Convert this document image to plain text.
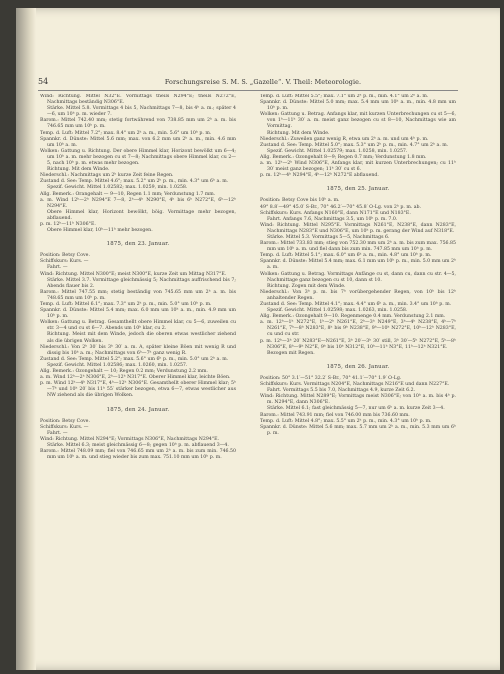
54	Forschungsreise S. M. S. „Gazelle“. V. Theil: Meteorologie.

Wind: Richtung. Mittel N32°E. Vormittags theils N294°E; theils N272°E, Nachmittags beständig N306°E.

Stärke. Mittel 5.8. Vormittags 4 bis 5, Nachmittags 7—8, bis 4ʰ a. m.; später 4—6, um 10ʰ p. m. wieder 7.

Barom.: Mittel 742.40 mm; stetig fortwährend von 738.85 mm um 2ʰ a. m. bis 746.65 mm um 10ʰ p. m.

Temp. d. Luft: Mittel 7.2°; max. 8.4° um 2ʰ a. m., min. 5.6° um 10ʰ p. m.

Spannkr. d. Dünste: Mittel 5.6 mm; max. von 6.2 mm um 2ʰ a. m., min. 4.6 mm um 10ʰ a. m.

Wolken: Gattung u. Richtung. Der obere Himmel klar, Horizont bewölkt um 6—4; um 10ʰ a. m. mehr bezogen cu st 7—8; Nachmittags obere Himmel klar, cu 2—5, nach 10ʰ p. m. etwas mehr bezogen.

Richtung. Mit dem Winde.

Niederschl.: Nachmittags um 2ʰ kurze Zeit feine Regen.

Zustand d. See: Temp. Mittel 4.6°; max. 5.2° um 2ʰ p. m., min. 4.3° um 6ʰ a. m.

Spezif. Gewicht. Mittel 1.02582; max. 1.0259, min. 1.0258.

Allg. Bemerk.: Orangehalt — 9—10, Regen 1.1 mm; Verdunstung 1.7 mm.

a. m. Wind 12ʰ—2ʰ N294°E 7—8, 2ʰ—4ʰ N290°E, 4ʰ bis 6ʰ N272°E, 6ʰ—12ʰ N294°E.

Obere Himmel klar, Horizont bewölkt, böig. Vormittage mehr bezogen, abflauend.

p. m. 12ʰ—11ʰ N306°E.

Obere Himmel klar, 10ʰ—11ʰ mehr bezogen.

1875, den 23. Januar.

Position: Betsy Cove.

Schiffskurs: Kurs. —

Fahrt. —

Wind: Richtung. Mittel N300°E; meist N300°E, kurze Zeit um Mittag N317°E.

Stärke. Mittel 3.7. Vormittage gleichmässig 5; Nachmittags auffrischend bis 7; Abends flauer bis 2.

Barom.: Mittel 747.55 mm; stetig beständig von 745.65 mm um 2ʰ a. m. bis 748.65 mm um 10ʰ p. m.

Temp. d. Luft: Mittel 6.1°; max. 7.3° um 2ʰ p. m., min. 5.0° um 10ʰ p. m.

Spannkr. d. Dünste: Mittel 5.4 mm; max. 6.0 mm um 10ʰ a. m., min. 4.9 mm um 10ʰ p. m.

Wolken: Gattung u. Betrag. Gesamthellt obere Himmel klar, cu 5—6, zuweilen cu str. 3—4 und cu st 6—7. Abends um 10ʰ klar, cu 2.

Richtung. Meist mit dem Winde, jedoch die oberen etwas westlicher ziehend als die übrigen Wolken.

Niederschl.: Von 2ʰ 30′ bis 3ʰ 30′ a. m. A, später kleine Böen mit wenig R und dissig bis 10ʰ a. m.; Nachmittags von 6ʰ—7ʰ ganz wenig R.

Zustand d. See: Temp. Mittel 5.2°; max. 5.6° um 6ʰ p. m., min. 5.0° um 2ʰ a. m.

Spezif. Gewicht. Mittel 1.02586; max. 1.0260, min. 1.0257.

Allg. Bemerk.: Ozongehalt — 10; Regen 0.2 mm; Verdunstung 2.2 mm.

a. m. Wind 12ʰ—2ʰ N306°E, 2ʰ—12ʰ N317°E. Oberer Himmel klar, leichte Böen.

p. m. Wind 12ʰ—4ʰ N317°E, 4ʰ—12ʰ N306°E. Gesamthellt oberer Himmel klar; 5ʰ—7ʰ und 10ʰ 20′ bis 11ʰ 55′ stärker bezogen, etwa 6—7, etwas westlicher aus NW ziehend als die übrigen Wolken.

1875, den 24. Januar.

Position: Betsy Cove.

Schiffskurs: Kurs. —

Fahrt. —

Wind: Richtung. Mittel N294°E; Vormittags N306°E, Nachmittags N294°E.

Stärke. Mittel 6.3; meist gleichmässig 6—8; gegen 10ʰ p. m. abflauend 3—4.

Barom.: Mittel 748.09 mm; fiel von 746.65 mm um 2ʰ a. m. bis zum min. 746.50 mm um 10ʰ a. m. und stieg wieder bis zum max. 751.10 mm um 10ʰ p. m.

Temp. d. Luft: Mittel 5.5°; max. 7.1° um 2ʰ p. m., min. 4.1° um 2ʰ a. m.

Spannkr. d. Dünste: Mittel 5.0 mm; max. 5.4 mm um 10ʰ a. m., min. 4.8 mm um 10ʰ p. m.

Wolken: Gattung u. Betrag. Anfangs klar, mit kurzen Unterbrechungen cu st 5—6, von 1ʰ—11ʰ 30′ a. m. meist ganz bezogen cu st 8—10, Nachmittags wie am Vormittag.

Richtung. Mit dem Winde.

Niederschl.: Zuweilen ganz wenig R, etwa um 2ʰ a. m. und um 4ʰ p. m.

Zustand d. See: Temp. Mittel 5.0°; max. 5.3° um 2ʰ p. m., min. 4.7° um 2ʰ a. m.

Spezif. Gewicht. Mittel 1.02579; max. 1.0258, min. 1.0257.

Allg. Bemerk.: Ozongehalt 8—9; Regen 0.7 mm; Verdunstung 1.8 mm.

a. m. 12ʰ—2ʰ Wind N306°E, Anfangs klar, mit kurzen Unterbrechungen; cu 11ʰ 30′ meist ganz bezogen; 11ʰ 30′ cu st 6.

p. m. 12ʰ—4ʰ N294°E, 4ʰ—12ʰ N272°E abflauend.

1875, den 25. Januar.

Position: Betsy Cove bis 10ʰ a. m.

49° 8.8′—49° 45.0′ S-Br., 70° 46.2′—70° 45.8′ O-Lg. von 2ʰ p. m. ab.

Schiffskurs: Kurs. Anfangs N160°E, dann N171°E und N183°E.

Fahrt. Anfangs 7.6, Nachmittags 3.5, um 10ʰ p. m. 7.0.

Wind: Richtung. Mittel N295°E. Vormittags N261°E, N238°E, dann N283°E, Nachmittags N283°E und N306°E, um 10ʰ p. m. gerang der Wind auf N318°E.

Stärke. Mittel 5.3. Vormittags 5—5, Nachmittags 6.

Barom.: Mittel 733.83 mm; stieg von 752.30 mm um 2ʰ a. m. bis zum max. 756.85 mm um 10ʰ a. m. und fiel dann bis zum min. 747.85 mm um 10ʰ p. m.

Temp. d. Luft: Mittel 5.1°; max. 6.0° um 6ʰ a. m., min. 4.8° um 10ʰ p. m.

Spannkr. d. Dünste: Mittel 5.4 mm; max. 6.1 mm um 10ʰ p. m., min. 5.0 mm um 2ʰ a. m.

Wolken: Gattung u. Betrag. Vormittags Anfänge cu st, dann cu, dann cu str. 4—5, Nachmittage ganz bezogen cu st 10, dann st 10.

Richtung. Zogen mit dem Winde.

Niederschl.: Von 3ʰ p. m. bis 7ʰ vorübergehender Regen, von 10ʰ bis 12ʰ anhaltender Regen.

Zustand d. See: Temp. Mittel 4.1°; max. 4.4° um 6ʰ a. m., min. 3.4° um 10ʰ p. m.

Spezif. Gewicht. Mittel 1.02598; max. 1.0263, min. 1.0258.

Allg. Bemerk.: Ozongehalt 9—10. Regenmenge 0.4 mm. Verdunstung 2.1 mm.

a. m. 12ʰ—1ʰ N272°E, 1ʰ—2ʰ N261°E, 2ʰ—3ʰ N249°E, 3ʰ—4ʰ N238°E, 4ʰ—7ʰ N261°E, 7ʰ—8ʰ N283°E, 8ʰ bis 9ʰ N238°E, 9ʰ—10ʰ N272°E, 10ʰ—12ʰ N283°E, cu und cu str.

p. m. 12ʰ—3ʰ 20′ N283°E—N261°E, 3ʰ 20′—3ʰ 30′ still, 3ʰ 30′—5ʰ N272°E, 5ʰ—8ʰ N306°E, 8ʰ—9ʰ N2°E, 9ʰ bis 10ʰ N312°E, 10ʰ—11ʰ N3°E, 11ʰ—12ʰ N321°E.

Bezogen mit Regen.

1875, den 26. Januar.

Position: 50° 3.1′—51° 32.2′ S-Br., 70° 41.1′—70° 1.9′ O-Lg.

Schiffskurs: Kurs. Vormittags N204°E, Nachmittags N216°E und dann N227°E.

Fahrt. Vormittags 5.5 bis 7.0, Nachmittags 4.9, kurze Zeit 6.2.

Wind: Richtung. Mittel N289°E; Vormittags meist N306°E; von 10ʰ a. m. bis 4ʰ p. m. N294°E, dann N306°E.

Stärke. Mittel 6.1; fast gleichmässig 5—7, nur um 6ʰ a. m. kurze Zeit 3—4.

Barom.: Mittel 743.91 mm; fiel von 746.00 mm bis 736.60 mm.

Temp. d. Luft: Mittel 4.8°; max. 5.5° um 2ʰ p. m., min. 4.3° um 10ʰ p. m.

Spannkr. d. Dünste: Mittel 5.6 mm; max. 5.7 mm um 2ʰ a. m., min. 5.3 mm um 6ʰ p. m.
